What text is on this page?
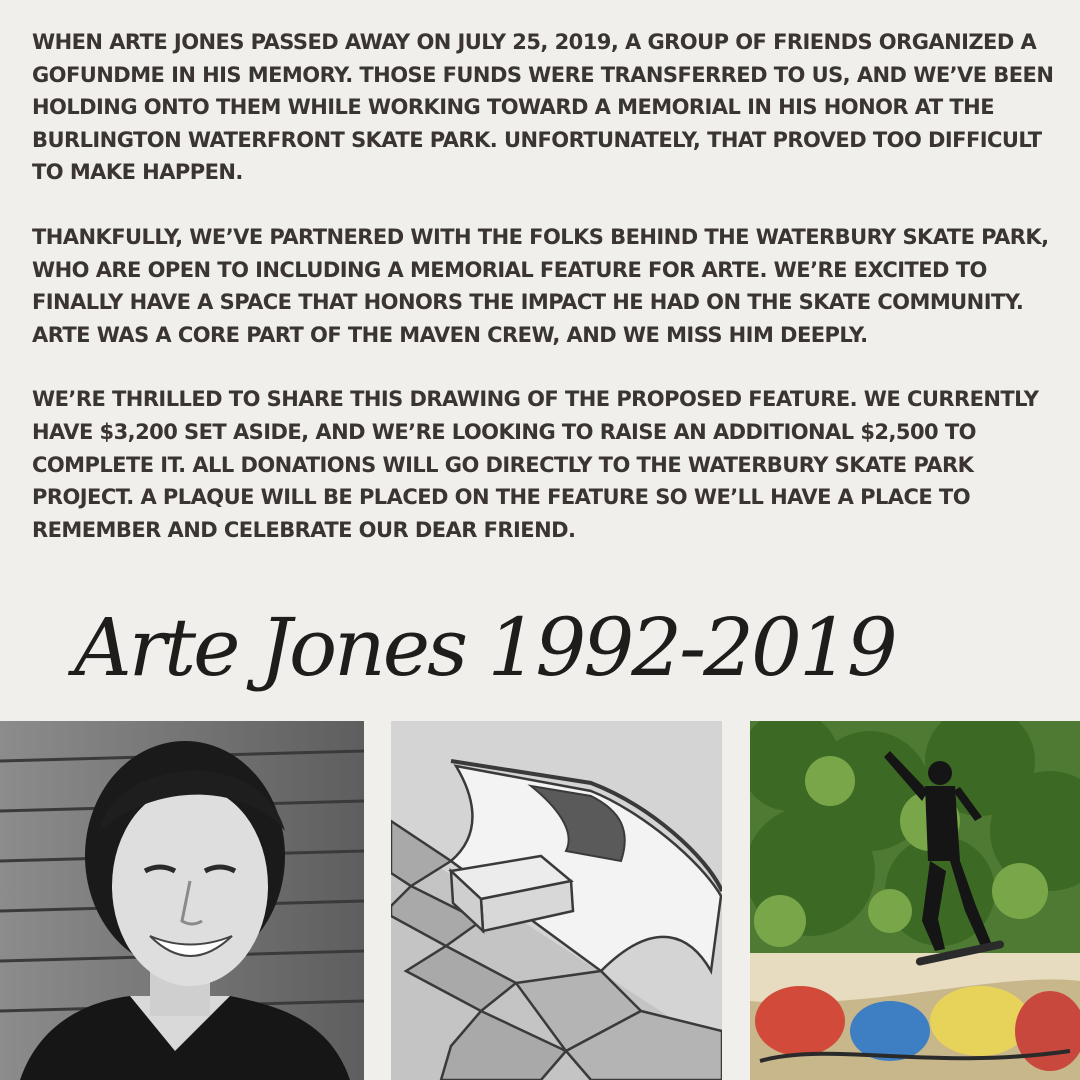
WHEN ARTE JONES PASSED AWAY ON JULY 25, 2019, A GROUP OF FRIENDS ORGANIZED A GOFUNDME IN HIS MEMORY. THOSE FUNDS WERE TRANSFERRED TO US, AND WE’VE BEEN HOLDING ONTO THEM WHILE WORKING TOWARD A MEMORIAL IN HIS HONOR AT THE BURLINGTON WATERFRONT SKATE PARK. UNFORTUNATELY, THAT PROVED TOO DIFFICULT TO MAKE HAPPEN.

THANKFULLY, WE’VE PARTNERED WITH THE FOLKS BEHIND THE WATERBURY SKATE PARK, WHO ARE OPEN TO INCLUDING A MEMORIAL FEATURE FOR ARTE. WE’RE EXCITED TO FINALLY HAVE A SPACE THAT HONORS THE IMPACT HE HAD ON THE SKATE COMMUNITY. ARTE WAS A CORE PART OF THE MAVEN CREW, AND WE MISS HIM DEEPLY.

WE’RE THRILLED TO SHARE THIS DRAWING OF THE PROPOSED FEATURE. WE CURRENTLY HAVE $3,200 SET ASIDE, AND WE’RE LOOKING TO RAISE AN ADDITIONAL $2,500 TO COMPLETE IT. ALL DONATIONS WILL GO DIRECTLY TO THE WATERBURY SKATE PARK PROJECT. A PLAQUE WILL BE PLACED ON THE FEATURE SO WE’LL HAVE A PLACE TO REMEMBER AND CELEBRATE OUR DEAR FRIEND.

Arte Jones 1992-2019
